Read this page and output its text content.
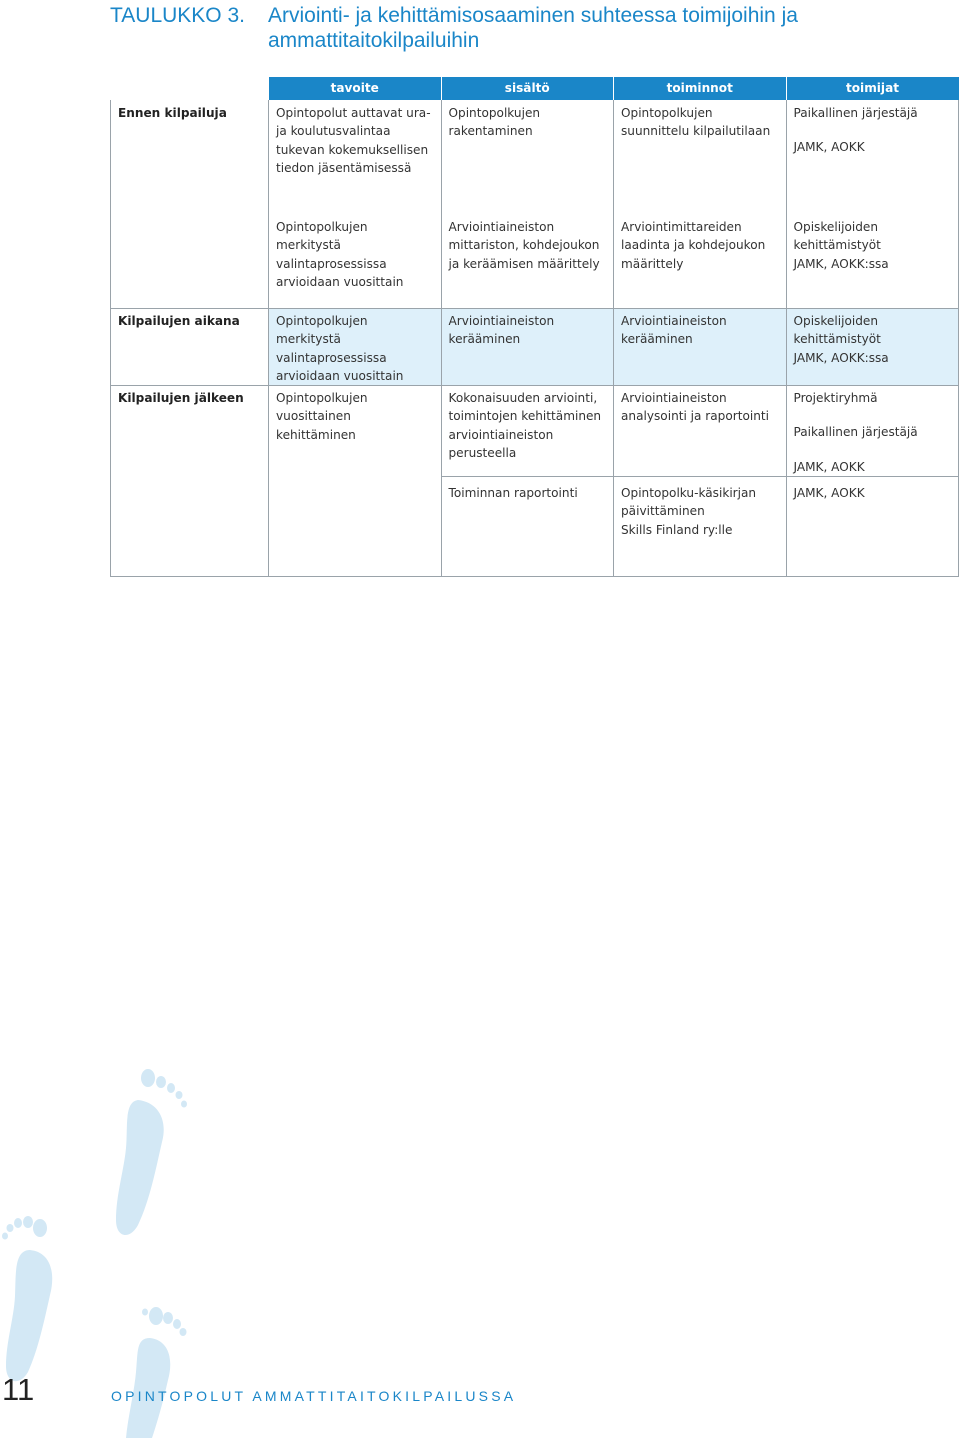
TAULUKKO 3. Arviointi- ja kehittämisosaaminen suhteessa toimijoihin ja ammattitaitokilpailuihin
	tavoite	sisältö	toiminnot	toimijat
Ennen kilpailuja	Opintopolut auttavat ura- ja koulutusvalintaa tukevan kokemuksellisen tiedon jäsentämisessä	Opintopolkujen rakentaminen	Opintopolkujen suunnittelu kilpailutilaan	Paikallinen järjestäjä
JAMK, AOKK
	Opintopolkujen merkitystä valintaprosessissa arvioidaan vuosittain	Arviointiaineiston mittariston, kohdejoukon ja keräämisen määrittely	Arviointimittareiden laadinta ja kohdejoukon määrittely	Opiskelijoiden kehittämistyöt
JAMK, AOKK:ssa
Kilpailujen aikana	Opintopolkujen merkitystä valintaprosessissa arvioidaan vuosittain	Arviointiaineiston kerääminen	Arviointiaineiston kerääminen	Opiskelijoiden kehittämistyöt
JAMK, AOKK:ssa
Kilpailujen jälkeen	Opintopolkujen vuosittainen kehittäminen	Kokonaisuuden arviointi, toimintojen kehittäminen arviointiaineiston perusteella	Arviointiaineiston analysointi ja raportointi	Projektiryhmä
Paikallinen järjestäjä
JAMK, AOKK
		Toiminnan raportointi	Opintopolku-käsikirjan päivittäminen
Skills Finland ry:lle	JAMK, AOKK
11	OPINTOPOLUT AMMATTITAITOKILPAILUSSA
